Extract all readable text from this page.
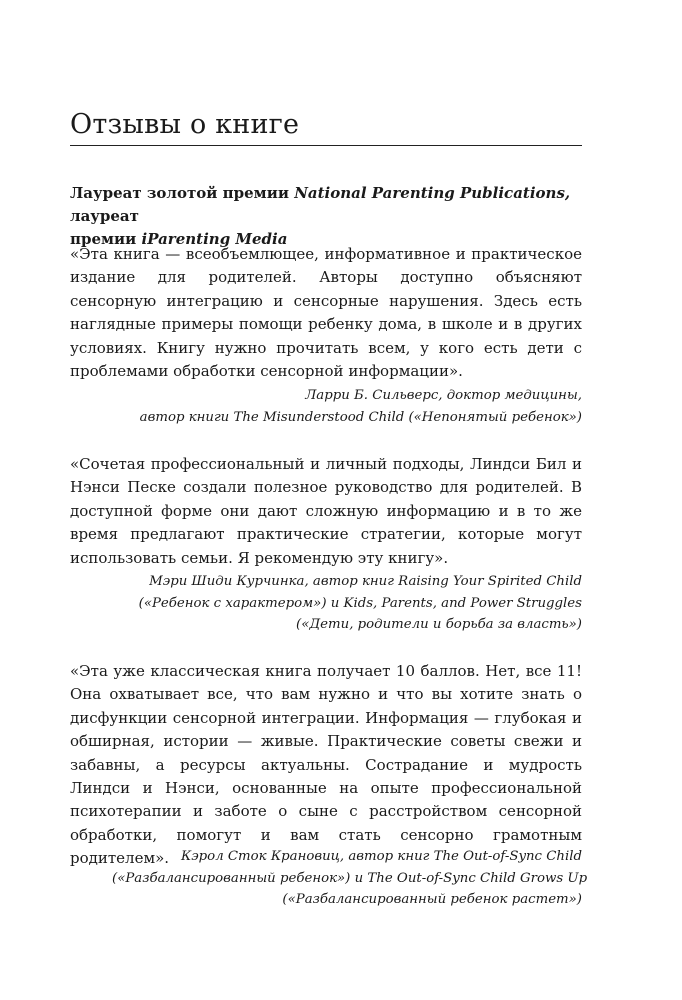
Отзывы о книге

Лауреат золотой премии National Parenting Publications, лауреат
премии iParenting Media

«Эта книга — всеобъемлющее, информативное и практическое издание для родителей. Авторы доступно объясняют сенсорную интеграцию и сенсорные нарушения. Здесь есть наглядные примеры помощи ребенку дома, в школе и в других условиях. Книгу нужно прочитать всем, у кого есть дети с проблемами обработки сенсорной информации».

Ларри Б. Сильверс, доктор медицины,
автор книги The Misunderstood Child («Непонятый ребенок»)

«Сочетая профессиональный и личный подходы, Линдси Бил и Нэнси Песке создали полезное руководство для родителей. В доступной форме они дают сложную информацию и в то же время предлагают практические стратегии, которые могут использовать семьи. Я рекомендую эту книгу».

Мэри Шиди Курчинка, автор книг Raising Your Spirited Child
(«Ребенок с характером») и Kids, Parents, and Power Struggles
(«Дети, родители и борьба за власть»)

«Эта уже классическая книга получает 10 баллов. Нет, все 11! Она охватывает все, что вам нужно и что вы хотите знать о дисфункции сенсорной интеграции. Информация — глубокая и обширная, истории — живые. Практические советы свежи и забавны, а ресурсы актуальны. Сострадание и мудрость Линдси и Нэнси, основанные на опыте профессиональной психотерапии и заботе о сыне с расстройством сенсорной обработки, помогут и вам стать сенсорно грамотным родителем». Кэрол Сток Крановиц, автор книг The Out-of-Sync Child
(«Разбалансированный ребенок») и The Out-of-Sync Child Grows Up
(«Разбалансированный ребенок растет»)
